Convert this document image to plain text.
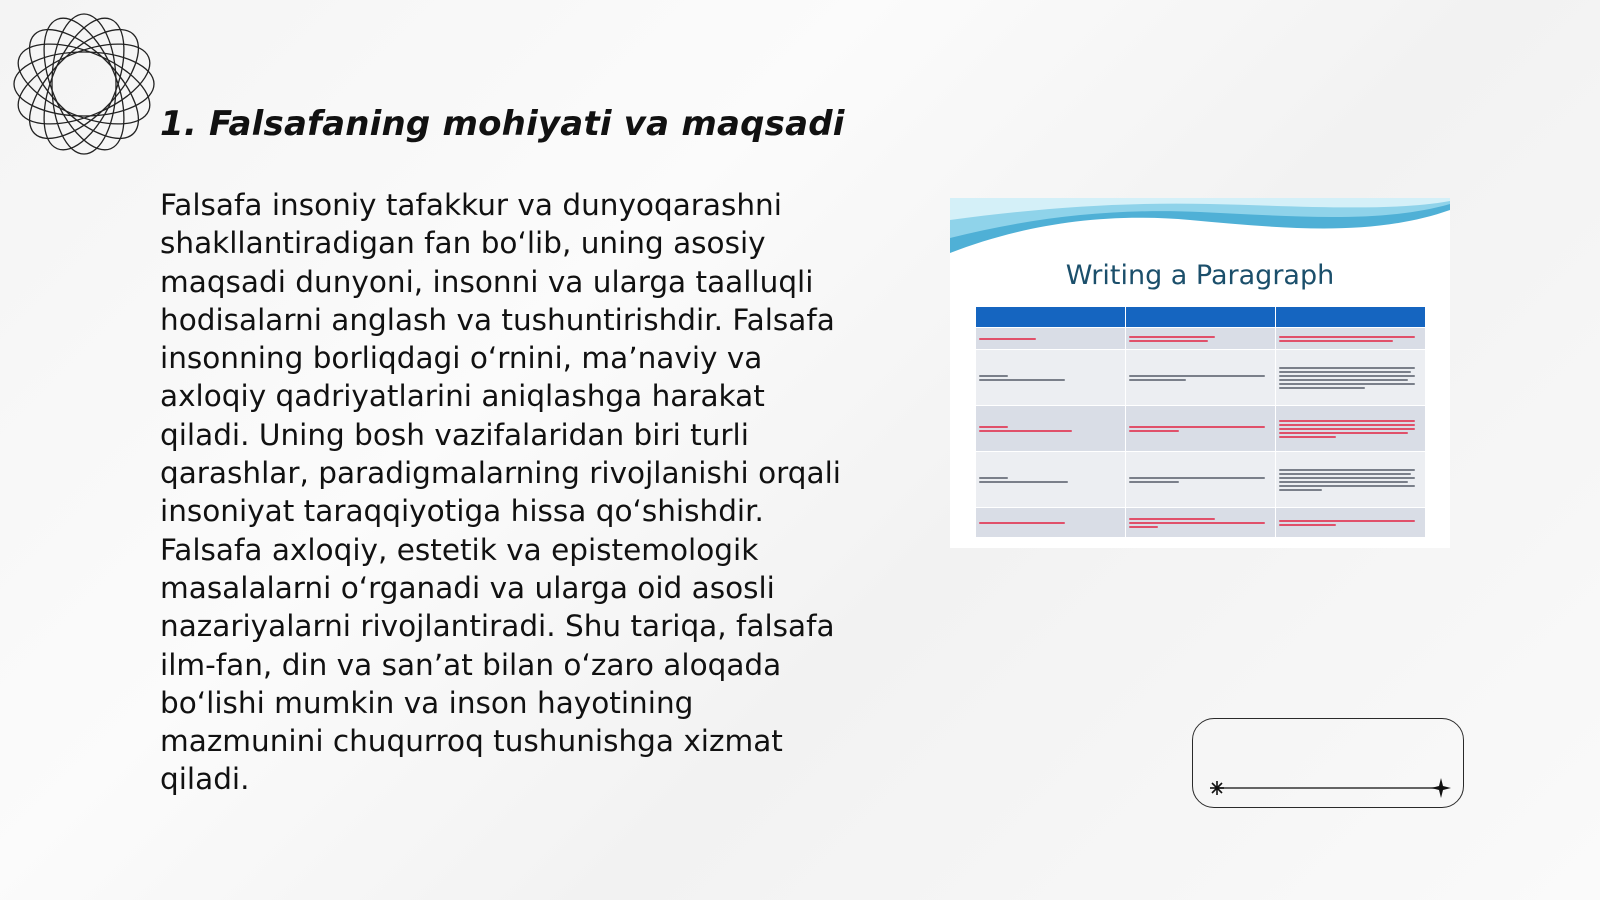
1. Falsafaning mohiyati va maqsadi

Falsafa insoniy tafakkur va dunyoqarashni shakllantiradigan fan bo‘lib, uning asosiy maqsadi dunyoni, insonni va ularga taalluqli hodisalarni anglash va tushuntirishdir. Falsafa insonning borliqdagi o‘rnini, ma’naviy va axloqiy qadriyatlarini aniqlashga harakat qiladi. Uning bosh vazifalaridan biri turli qarashlar, paradigmalarning rivojlanishi orqali insoniyat taraqqiyotiga hissa qo‘shishdir. Falsafa axloqiy, estetik va epistemologik masalalarni o‘rganadi va ularga oid asosli nazariyalarni rivojlantiradi. Shu tariqa, falsafa ilm-fan, din va san’at bilan o‘zaro aloqada bo‘lishi mumkin va inson hayotining mazmunini chuqurroq tushunishga xizmat qiladi.

Writing a Paragraph
